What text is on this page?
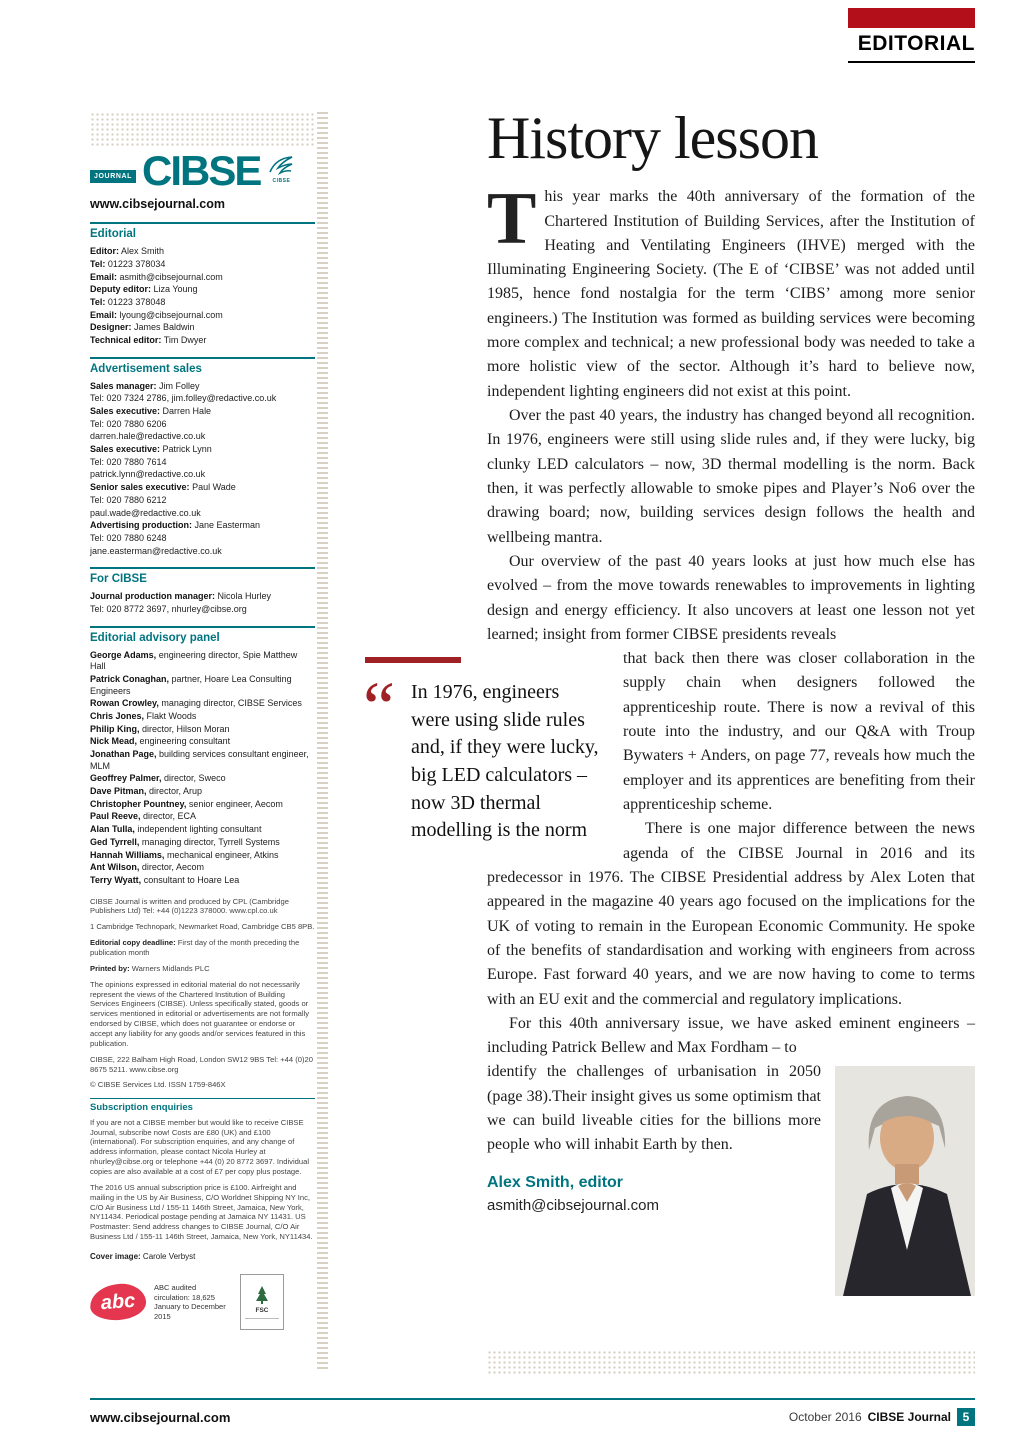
EDITORIAL
JOURNAL CIBSE CIBSE
www.cibsejournal.com
Editorial
Editor: Alex Smith
Tel: 01223 378034
Email: asmith@cibsejournal.com
Deputy editor: Liza Young
Tel: 01223 378048
Email: lyoung@cibsejournal.com
Designer: James Baldwin
Technical editor: Tim Dwyer
Advertisement sales
Sales manager: Jim Folley
Tel: 020 7324 2786, jim.folley@redactive.co.uk
Sales executive: Darren Hale
Tel: 020 7880 6206
darren.hale@redactive.co.uk
Sales executive: Patrick Lynn
Tel: 020 7880 7614
patrick.lynn@redactive.co.uk
Senior sales executive: Paul Wade
Tel: 020 7880 6212
paul.wade@redactive.co.uk
Advertising production: Jane Easterman
Tel: 020 7880 6248
jane.easterman@redactive.co.uk
For CIBSE
Journal production manager: Nicola Hurley
Tel: 020 8772 3697, nhurley@cibse.org
Editorial advisory panel
George Adams, engineering director, Spie Matthew Hall
Patrick Conaghan, partner, Hoare Lea Consulting Engineers
Rowan Crowley, managing director, CIBSE Services
Chris Jones, Flakt Woods
Philip King, director, Hilson Moran
Nick Mead, engineering consultant
Jonathan Page, building services consultant engineer, MLM
Geoffrey Palmer, director, Sweco
Dave Pitman, director, Arup
Christopher Pountney, senior engineer, Aecom
Paul Reeve, director, ECA
Alan Tulla, independent lighting consultant
Ged Tyrrell, managing director, Tyrrell Systems
Hannah Williams, mechanical engineer, Atkins
Ant Wilson, director, Aecom
Terry Wyatt, consultant to Hoare Lea
CIBSE Journal is written and produced by CPL (Cambridge Publishers Ltd) Tel: +44 (0)1223 378000. www.cpl.co.uk
1 Cambridge Technopark, Newmarket Road, Cambridge CB5 8PB.
Editorial copy deadline: First day of the month preceding the publication month
Printed by: Warners Midlands PLC
The opinions expressed in editorial material do not necessarily represent the views of the Chartered Institution of Building Services Engineers (CIBSE). Unless specifically stated, goods or services mentioned in editorial or advertisements are not formally endorsed by CIBSE, which does not guarantee or endorse or accept any liability for any goods and/or services featured in this publication.
CIBSE, 222 Balham High Road, London SW12 9BS Tel: +44 (0)20 8675 5211. www.cibse.org
© CIBSE Services Ltd. ISSN 1759-846X
Subscription enquiries
If you are not a CIBSE member but would like to receive CIBSE Journal, subscribe now! Costs are £80 (UK) and £100 (international). For subscription enquiries, and any change of address information, please contact Nicola Hurley at nhurley@cibse.org or telephone +44 (0) 20 8772 3697. Individual copies are also available at a cost of £7 per copy plus postage.
The 2016 US annual subscription price is £100. Airfreight and mailing in the US by Air Business, C/O Worldnet Shipping NY Inc, C/O Air Business Ltd / 155-11 146th Street, Jamaica, New York, NY11434. Periodical postage pending at Jamaica NY 11431. US Postmaster: Send address changes to CIBSE Journal, C/O Air Business Ltd / 155-11 146th Street, Jamaica, New York, NY11434.
Cover image: Carole Verbyst
abc
ABC audited circulation: 18,625 January to December 2015
FSC
History lesson

This year marks the 40th anniversary of the formation of the Chartered Institution of Building Services, after the Institution of Heating and Ventilating Engineers (IHVE) merged with the Illuminating Engineering Society. (The E of ‘CIBSE’ was not added until 1985, hence fond nostalgia for the term ‘CIBS’ among more senior engineers.) The Institution was formed as building services were becoming more complex and technical; a new professional body was needed to take a more holistic view of the sector. Although it’s hard to believe now, independent lighting engineers did not exist at this point.

Over the past 40 years, the industry has changed beyond all recognition. In 1976, engineers were still using slide rules and, if they were lucky, big clunky LED calculators – now, 3D thermal modelling is the norm. Back then, it was perfectly allowable to smoke pipes and Player’s No6 over the drawing board; now, building services design follows the health and wellbeing mantra.

Our overview of the past 40 years looks at just how much else has evolved – from the move towards renewables to improvements in lighting design and energy efficiency. It also uncovers at least one lesson not yet learned; insight from former CIBSE presidents reveals

“
In 1976, engineers were using slide rules and, if they were lucky, big LED calculators – now 3D thermal modelling is the norm

that back then there was closer collaboration in the supply chain when designers followed the apprenticeship route. There is now a revival of this route into the industry, and our Q&A with Troup Bywaters + Anders, on page 77, reveals how much the employer and its apprentices are benefiting from their apprenticeship scheme.

There is one major difference between the news agenda of the CIBSE Journal in 2016 and its predecessor in 1976. The CIBSE Presidential address by Alex Loten that appeared in the magazine 40 years ago focused on the implications for the UK of voting to remain in the European Economic Community. He spoke of the benefits of standardisation and working with engineers from across Europe. Fast forward 40 years, and we are now having to come to terms with an EU exit and the commercial and regulatory implications.

For this 40th anniversary issue, we have asked eminent engineers – including Patrick Bellew and Max Fordham – to

identify the challenges of urbanisation in 2050 (page 38).Their insight gives us some optimism that we can build liveable cities for the billions more people who will inhabit Earth by then.

Alex Smith, editor
asmith@cibsejournal.com
www.cibsejournal.com	October 2016 CIBSE Journal 5
